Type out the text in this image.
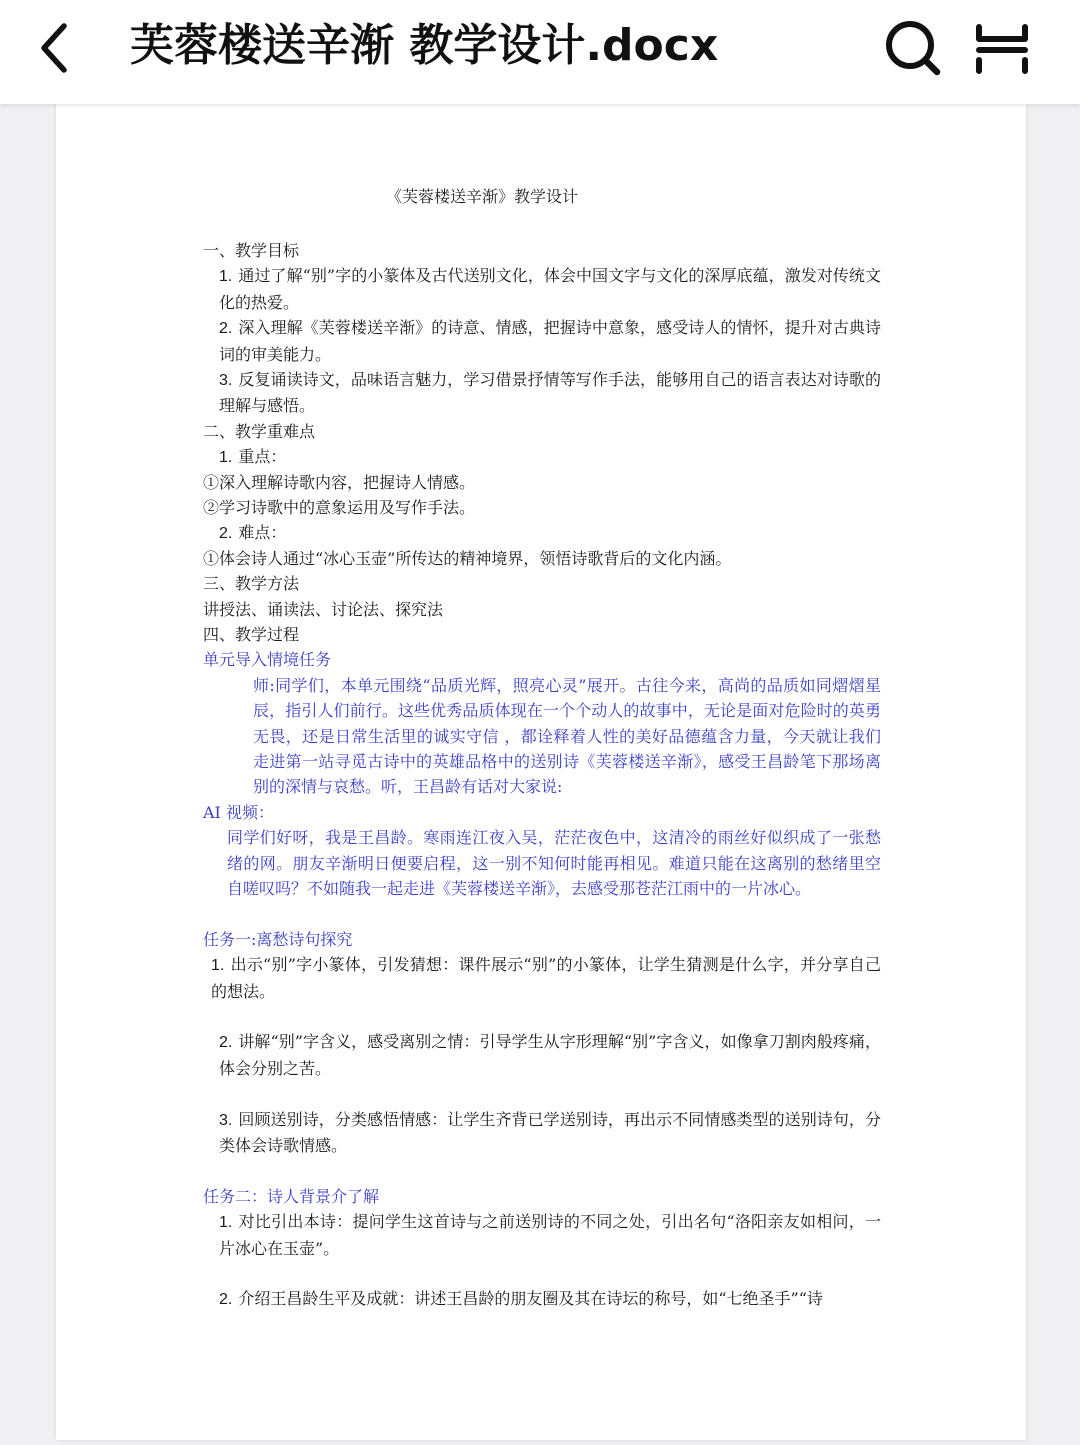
芙蓉楼送辛渐 教学设计.docx
《芙蓉楼送辛渐》教学设计
一、教学目标
1. 通过了解“别”字的小篆体及古代送别文化，体会中国文字与文化的深厚底蕴，激发对传统文化的热爱。
2. 深入理解《芙蓉楼送辛渐》的诗意、情感，把握诗中意象，感受诗人的情怀，提升对古典诗词的审美能力。
3. 反复诵读诗文，品味语言魅力，学习借景抒情等写作手法，能够用自己的语言表达对诗歌的理解与感悟。
二、教学重难点
1. 重点：
①深入理解诗歌内容，把握诗人情感。
②学习诗歌中的意象运用及写作手法。
2. 难点：
①体会诗人通过“冰心玉壶”所传达的精神境界，领悟诗歌背后的文化内涵。
三、教学方法
讲授法、诵读法、讨论法、探究法
四、教学过程
单元导入情境任务
师:同学们，本单元围绕“品质光辉，照亮心灵”展开。古往今来，高尚的品质如同熠熠星辰，指引人们前行。这些优秀品质体现在一个个动人的故事中，无论是面对危险时的英勇无畏，还是日常生活里的诚实守信 ，都诠释着人性的美好品德蕴含力量，今天就让我们走进第一站寻觅古诗中的英雄品格中的送别诗《芙蓉楼送辛渐》，感受王昌龄笔下那场离别的深情与哀愁。听，王昌龄有话对大家说:
AI 视频：
同学们好呀，我是王昌龄。寒雨连江夜入吴，茫茫夜色中，这清冷的雨丝好似织成了一张愁绪的网。朋友辛渐明日便要启程，这一别不知何时能再相见。难道只能在这离别的愁绪里空自嗟叹吗？不如随我一起走进《芙蓉楼送辛渐》，去感受那苍茫江雨中的一片冰心。
任务一:离愁诗句探究
1. 出示“别”字小篆体，引发猜想：课件展示“别”的小篆体，让学生猜测是什么字，并分享自己的想法。
2. 讲解“别”字含义，感受离别之情：引导学生从字形理解“别”字含义，如像拿刀割肉般疼痛，体会分别之苦。
3. 回顾送别诗，分类感悟情感：让学生齐背已学送别诗，再出示不同情感类型的送别诗句，分类体会诗歌情感。
任务二：诗人背景介了解
1. 对比引出本诗：提问学生这首诗与之前送别诗的不同之处，引出名句“洛阳亲友如相问，一片冰心在玉壶”。
2. 介绍王昌龄生平及成就：讲述王昌龄的朋友圈及其在诗坛的称号，如“七绝圣手”“诗
